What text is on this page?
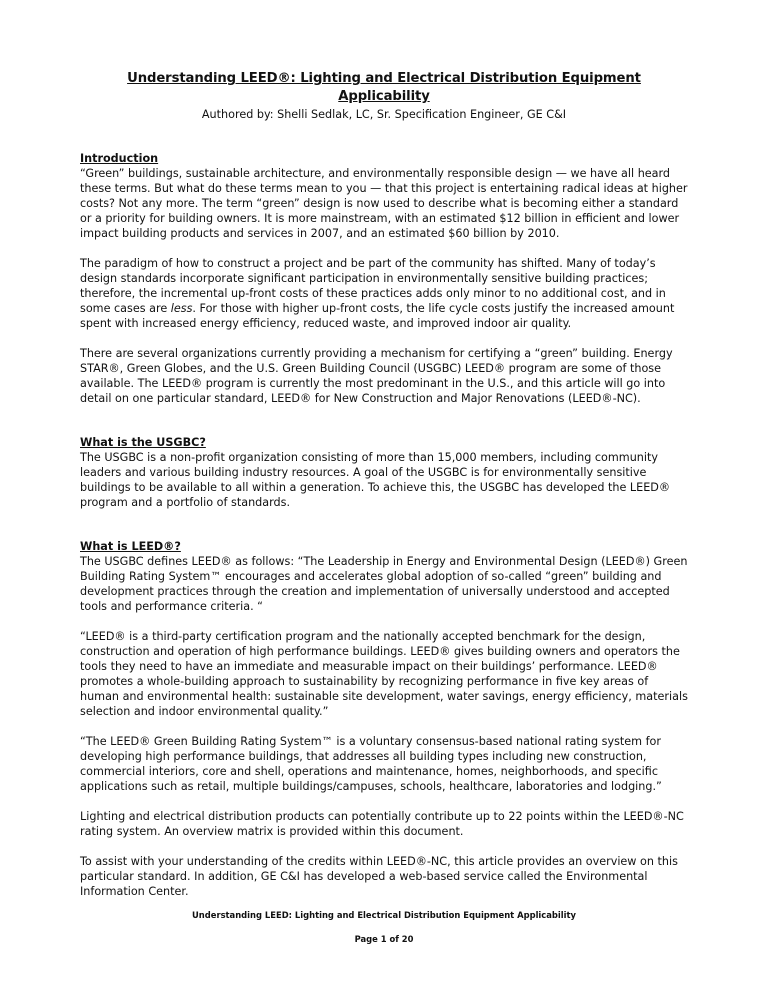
Understanding LEED®: Lighting and Electrical Distribution Equipment Applicability
Authored by: Shelli Sedlak, LC, Sr. Specification Engineer, GE C&I
Introduction

“Green” buildings, sustainable architecture, and environmentally responsible design — we have all heard these terms. But what do these terms mean to you — that this project is entertaining radical ideas at higher costs? Not any more. The term “green” design is now used to describe what is becoming either a standard or a priority for building owners. It is more mainstream, with an estimated $12 billion in efficient and lower impact building products and services in 2007, and an estimated $60 billion by 2010.

The paradigm of how to construct a project and be part of the community has shifted. Many of today’s design standards incorporate significant participation in environmentally sensitive building practices; therefore, the incremental up-front costs of these practices adds only minor to no additional cost, and in some cases are less. For those with higher up-front costs, the life cycle costs justify the increased amount spent with increased energy efficiency, reduced waste, and improved indoor air quality.

There are several organizations currently providing a mechanism for certifying a “green” building. Energy STAR®, Green Globes, and the U.S. Green Building Council (USGBC) LEED® program are some of those available. The LEED® program is currently the most predominant in the U.S., and this article will go into detail on one particular standard, LEED® for New Construction and Major Renovations (LEED®-NC).

What is the USGBC?

The USGBC is a non-profit organization consisting of more than 15,000 members, including community leaders and various building industry resources. A goal of the USGBC is for environmentally sensitive buildings to be available to all within a generation. To achieve this, the USGBC has developed the LEED® program and a portfolio of standards.

What is LEED®?

The USGBC defines LEED® as follows: “The Leadership in Energy and Environmental Design (LEED®) Green Building Rating System™ encourages and accelerates global adoption of so-called “green” building and development practices through the creation and implementation of universally understood and accepted tools and performance criteria. “

“LEED® is a third-party certification program and the nationally accepted benchmark for the design, construction and operation of high performance buildings. LEED® gives building owners and operators the tools they need to have an immediate and measurable impact on their buildings’ performance. LEED® promotes a whole-building approach to sustainability by recognizing performance in five key areas of human and environmental health: sustainable site development, water savings, energy efficiency, materials selection and indoor environmental quality.”

“The LEED® Green Building Rating System™ is a voluntary consensus-based national rating system for developing high performance buildings, that addresses all building types including new construction, commercial interiors, core and shell, operations and maintenance, homes, neighborhoods, and specific applications such as retail, multiple buildings/campuses, schools, healthcare, laboratories and lodging.”

Lighting and electrical distribution products can potentially contribute up to 22 points within the LEED®-NC rating system. An overview matrix is provided within this document.

To assist with your understanding of the credits within LEED®-NC, this article provides an overview on this particular standard. In addition, GE C&I has developed a web-based service called the Environmental Information Center.

Understanding LEED: Lighting and Electrical Distribution Equipment Applicability
Page 1 of 20
